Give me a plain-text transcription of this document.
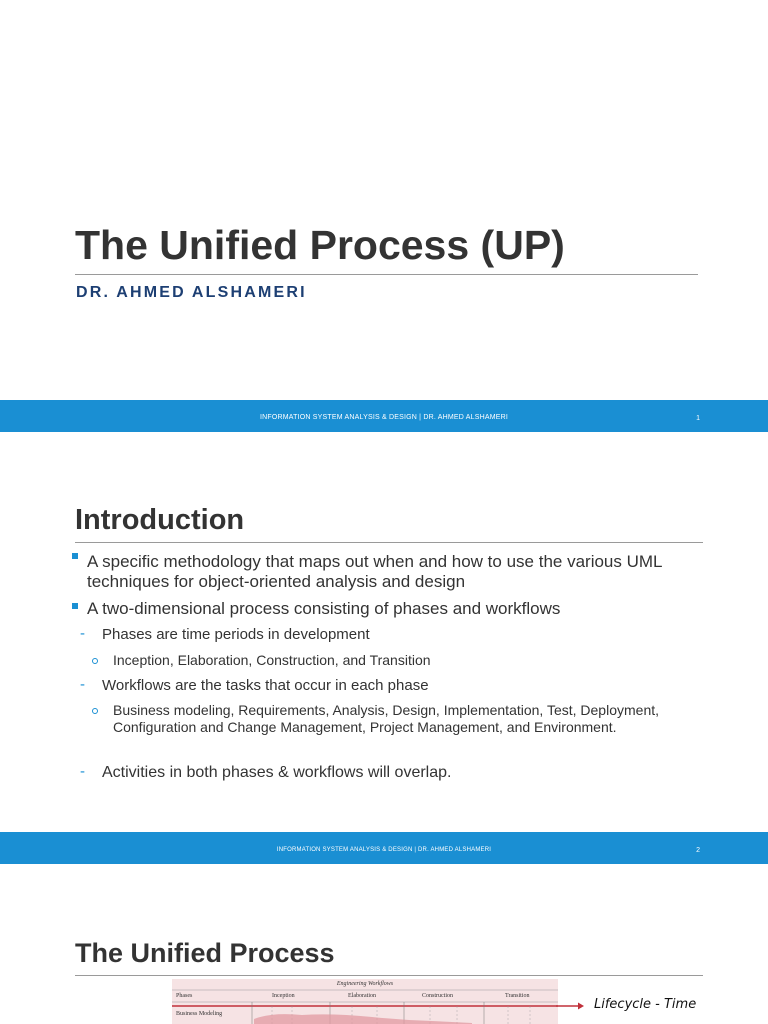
The Unified Process (UP)
DR. AHMED ALSHAMERI
INFORMATION SYSTEM ANALYSIS & DESIGN | DR. AHMED ALSHAMERI	1
Introduction
A specific methodology that maps out when and how to use the various UML techniques for object-oriented analysis and design
A two-dimensional process consisting of phases and workflows
- Phases are time periods in development
Inception, Elaboration, Construction, and Transition
- Workflows are the tasks that occur in each phase
Business modeling, Requirements, Analysis, Design, Implementation, Test, Deployment, Configuration and Change Management, Project Management, and Environment.
- Activities in both phases & workflows will overlap.
INFORMATION SYSTEM ANALYSIS & DESIGN | DR. AHMED ALSHAMERI	2
The Unified Process
Engineering Workflows
Phases	Inception	Elaboration	Construction	Transition
Business Modeling
Lifecycle - Time
